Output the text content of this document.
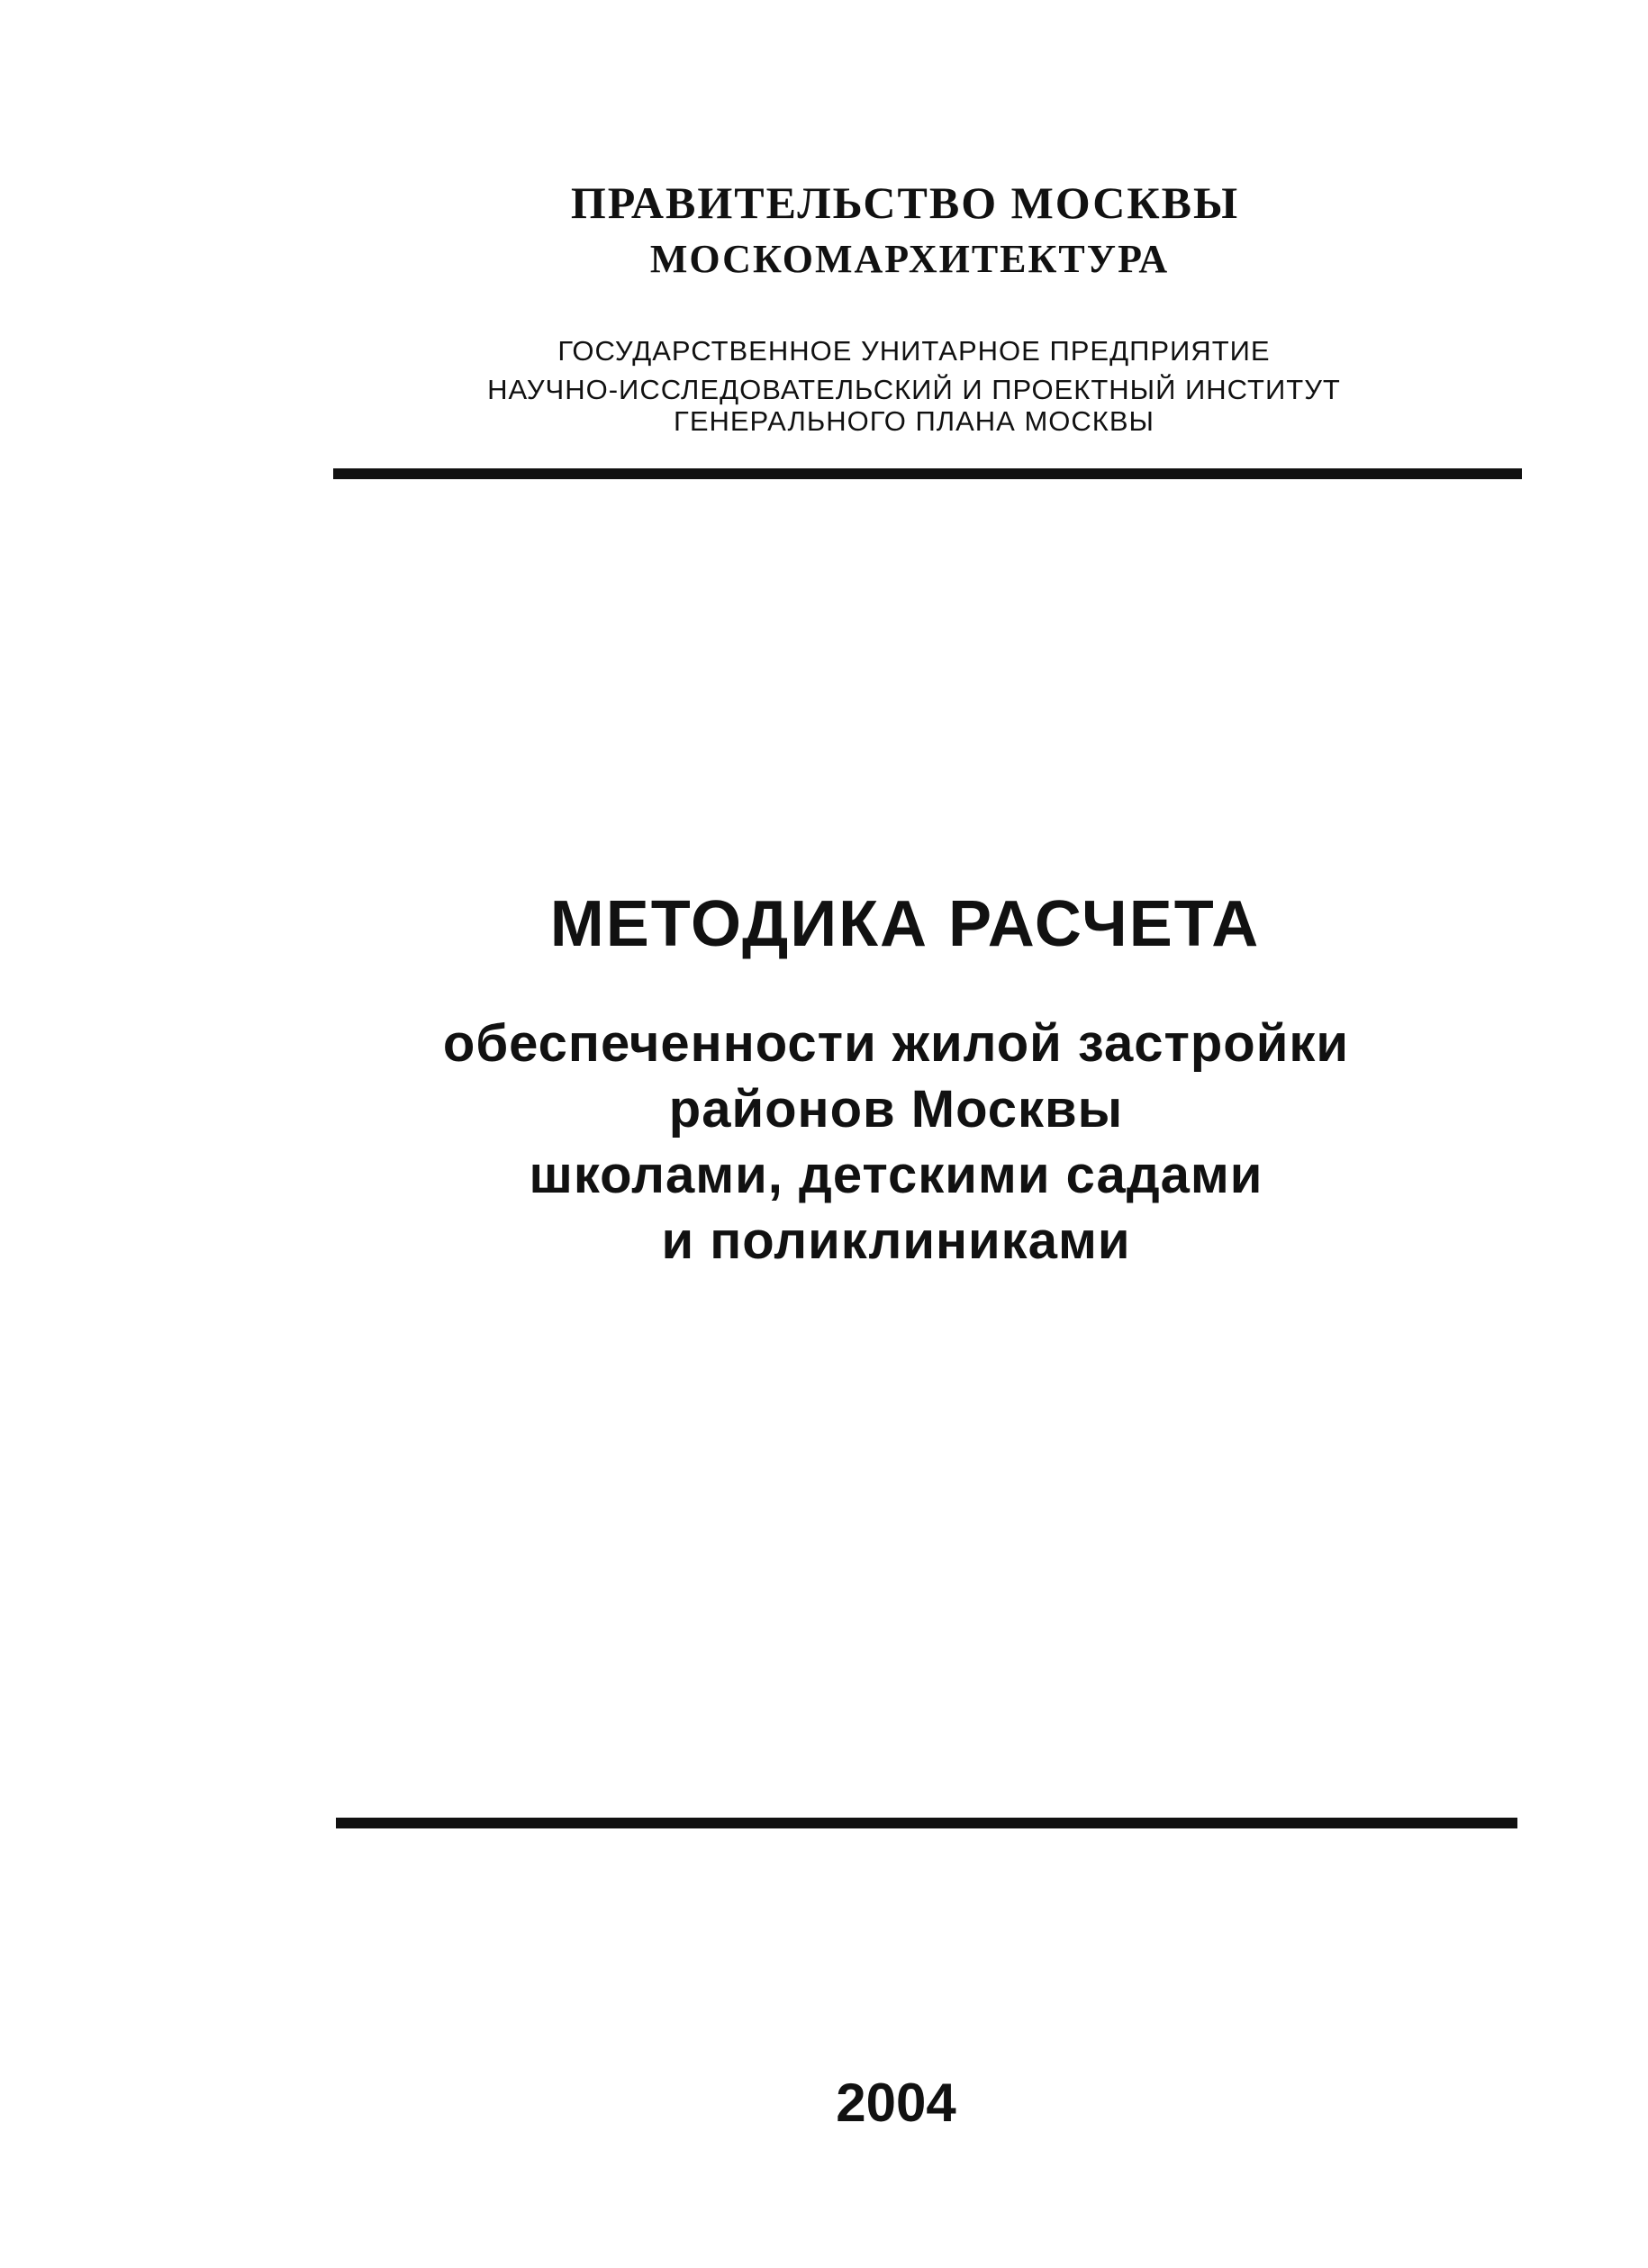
ПРАВИТЕЛЬСТВО МОСКВЫ
МОСКОМАРХИТЕКТУРА
ГОСУДАРСТВЕННОЕ УНИТАРНОЕ ПРЕДПРИЯТИЕ
НАУЧНО-ИССЛЕДОВАТЕЛЬСКИЙ И ПРОЕКТНЫЙ ИНСТИТУТ
ГЕНЕРАЛЬНОГО ПЛАНА МОСКВЫ
МЕТОДИКА РАСЧЕТА
обеспеченности жилой застройки
районов Москвы
школами, детскими садами
и поликлиниками
2004
